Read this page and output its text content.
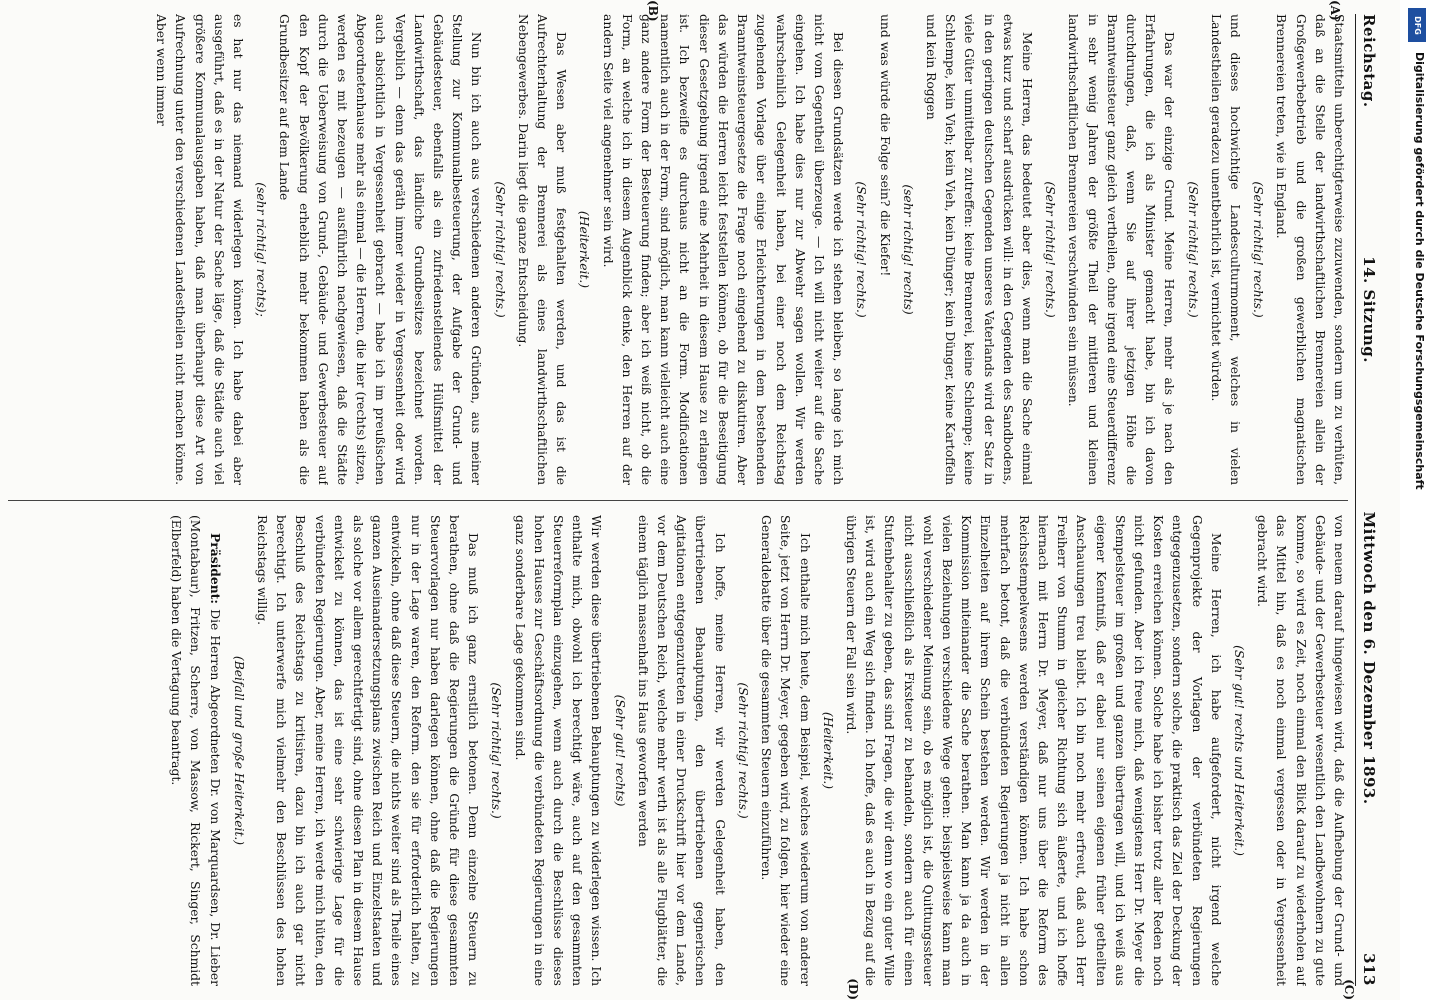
Reichstag.
14. Sitzung.
Mittwoch den 6. Dezember 1893.
313
(A)
(B)
(C)
(D)

Staatsmitteln unberechtigterweise zuzuwenden, sondern um zu verhüten, daß an die Stelle der landwirthschaftlichen Brennereien allein der Großgewerbebetrieb und die großen gewerblichen magnatischen Brennereien treten, wie in England.

(Sehr richtig! rechts.)

und dieses hochwichtige Landesculturmoment, welches in vielen Landestheilen geradezu unentbehrlich ist, vernichtet würden.

(Sehr richtig! rechts.)

Das war der einzige Grund. Meine Herren, mehr als je nach den Erfahrungen, die ich als Minister gemacht habe, bin ich davon durchdrungen, daß, wenn Sie auf ihrer jetzigen Höhe die Branntweinsteuer ganz gleich vertheilen, ohne irgend eine Steuerdifferenz in sehr wenig Jahren der größte Theil der mittleren und kleinen landwirthschaftlichen Brennereien verschwinden sein müssen.

(Sehr richtig! rechts.)

Meine Herren, das bedeutet aber dies, wenn man die Sache einmal etwas kurz und scharf ausdrücken will: in den Gegenden des Sandbodens, in den geringen deutschen Gegenden unseres Vaterlands wird der Satz in viele Güter unmittelbar zutreffen: keine Brennerei, keine Schlempe; keine Schlempe, kein Vieh; kein Vieh, kein Dünger; kein Dünger, keine Kartoffeln und kein Roggen

(sehr richtig! rechts)

und was würde die Folge sein? die Kiefer!

(Sehr richtig! rechts.)

Bei diesen Grundsätzen werde ich stehen bleiben, so lange ich mich nicht vom Gegentheil überzeuge. — Ich will nicht weiter auf die Sache eingehen. Ich habe dies nur zur Abwehr sagen wollen. Wir werden wahrscheinlich Gelegenheit haben, bei einer noch dem Reichstag zugehenden Vorlage über einige Erleichterungen in dem bestehenden Branntweinsteuergesetze die Frage noch eingehend zu diskutiren. Aber das würden die Herren leicht feststellen können, ob für die Beseitigung dieser Gesetzgebung irgend eine Mehrheit in diesem Hause zu erlangen ist. Ich bezweifle es durchaus nicht an die Form. Modificationen namentlich auch in der Form, sind möglich, man kann vielleicht auch eine ganz andere Form der Besteuerung finden; aber ich weiß nicht, ob die Form, an welche ich in diesem Augenblick denke, den Herren auf der andern Seite viel angenehmer sein wird.

(Heiterkeit.)

Das Wesen aber muß festgehalten werden, und das ist die Aufrechterhaltung der Brennerei als eines landwirthschaftlichen Nebengewerbes. Darin liegt die ganze Entscheidung.

(Sehr richtig! rechts.)

Nun bin ich auch aus verschiedenen anderen Gründen, aus meiner Stellung zur Kommunalbesteuerung, der Aufgabe der Grund- und Gebäudesteuer, ebenfalls als ein zufriedenstellendes Hülfsmittel der Landwirthschaft, das ländliche Grundbesitzes bezeichnet worden. Vergeblich — denn das geräth immer wieder in Vergessenheit oder wird auch absichtlich in Vergessenheit gebracht — habe ich im preußischen Abgeordnetenhause mehr als einmal — die Herren, die hier (rechts) sitzen, werden es mit bezeugen — ausführlich nachgewiesen, daß die Städte durch die Ueberweisung von Grund-, Gebäude- und Gewerbesteuer auf den Kopf der Bevölkerung erheblich mehr bekommen haben als die Grundbesitzer auf dem Lande

(sehr richtig! rechts);

es hat nur das niemand widerlegen können. Ich habe dabei aber ausgeführt, daß es in der Natur der Sache läge, daß die Städte auch viel größere Kommunalausgaben haben, daß man überhaupt diese Art von Aufrechnung unter den verschiedenen Landestheilen nicht machen könne. Aber wenn immer

von neuem darauf hingewiesen wird, daß die Aufhebung der Grund- und Gebäude- und der Gewerbesteuer wesentlich den Landbewohnern zu gute komme, so wird es Zeit, noch einmal den Blick darauf zu wiederholen auf das Mittel hin, daß es noch einmal vergessen oder in Vergessenheit gebracht wird.

(Sehr gut! rechts und Heiterkeit.)

Meine Herren, ich habe aufgefordert, nicht irgend welche Gegenprojekte der Vorlagen der verbündeten Regierungen entgegenzusetzen, sondern solche, die praktisch das Ziel der Deckung der Kosten erreichen können. Solche habe ich bisher trotz aller Reden noch nicht gefunden. Aber ich freue mich, daß wenigstens Herr Dr. Meyer die Stempelsteuer im großen und ganzen übertragen will, und ich weiß aus eigener Kenntniß, daß er dabei nur seinen eigenen früher getheilten Anschauungen treu bleibt. Ich bin noch mehr erfreut, daß auch Herr Freiherr von Stumm in gleicher Richtung sich äußerte, und ich hoffe hiernach mit Herrn Dr. Meyer, daß nur uns über die Reform des Reichsstempelwesens werden verständigen können. Ich habe schon mehrfach betont, daß die verbündeten Regierungen ja nicht in allen Einzelheiten auf ihrem Schein bestehen werden. Wir werden in der Kommission miteinander die Sache berathen. Man kann ja da auch in vielen Beziehungen verschiedene Wege gehen: beispielsweise kann man wohl verschiedener Meinung sein, ob es möglich ist, die Quittungssteuer nicht ausschließlich als Fixsteuer zu behandeln, sondern auch für einen Stufenbehalter zu geben, das sind Fragen, die wir denn wo ein guter Wille ist, wird auch ein Weg sich finden. Ich hoffe, daß es auch in Bezug auf die übrigen Steuern der Fall sein wird.

(Heiterkeit.)

Ich enthalte mich heute, dem Beispiel, welches wiederum von anderer Seite, jetzt von Herrn Dr. Meyer, gegeben wird, zu folgen, hier wieder eine Generaldebatte über die gesammten Steuern einzuführen.

(Sehr richtig! rechts.)

Ich hoffe, meine Herren, wir werden Gelegenheit haben, den übertriebenen Behauptungen, den übertriebenen gegnerischen Agitationen entgegenzutreten in einer Druckschrift hier vor dem Lande, vor dem Deutschen Reich, welche mehr werth ist als alle Flugblätter, die einem täglich massenhaft ins Haus geworfen werden

(Sehr gut! rechts)

Wir werden diese übertriebenen Behauptungen zu widerlegen wissen. Ich enthalte mich, obwohl ich berechtigt wäre, auch auf den gesammten Steuerreformplan einzugehen, wenn auch durch die Beschlüsse dieses hohen Hauses zur Geschäftsordnung die verbündeten Regierungen in eine ganz sonderbare Lage gekommen sind.

(Sehr richtig! rechts.)

Das muß ich ganz ernstlich betonen. Denn einzelne Steuern zu berathen, ohne daß die Regierungen die Gründe für diese gesammten Steuervorlagen nur haben darlegen können, ohne daß die Regierungen nur in der Lage waren, den Reform. den sie für erforderlich halten, zu entwickeln, ohne daß diese Steuern, die nichts weiter sind als Theile eines ganzen Auseinandersetzungsplans zwischen Reich und Einzelstaaten und als solche vor allem gerechtfertigt sind, ohne diesen Plan in diesem Hause entwickelt zu können, das ist eine sehr schwierige Lage für die verbündeten Regierungen. Aber, meine Herren, ich werde mich hüten, den Beschluß des Reichstags zu kritisiren, dazu bin ich auch gar nicht berechtigt. Ich unterwerfe mich vielmehr den Beschlüssen des hohen Reichstags willig.

(Beifall und große Heiterkeit.)

Präsident: Die Herren Abgeordneten Dr. von Marquardsen, Dr. Lieber (Montabaur), Fritzen, Scherre, von Massow, Rickert, Singer, Schmidt (Elberfeld) haben die Vertagung beantragt.

DFG
Digitalisierung gefördert durch die Deutsche Forschungsgemeinschaft
